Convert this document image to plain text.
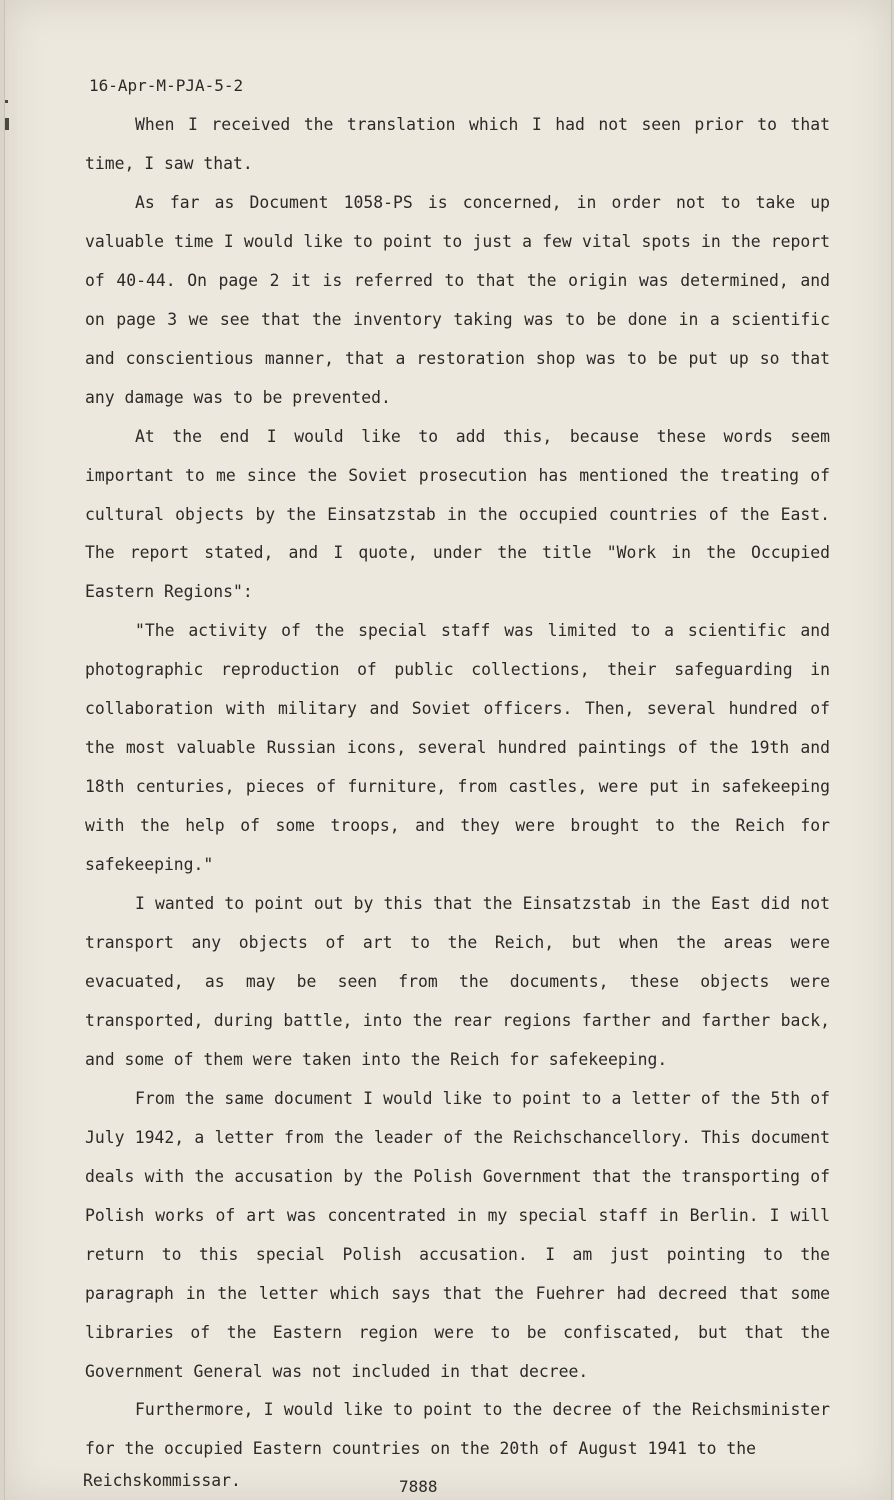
16-Apr-M-PJA-5-2

When I received the translation which I had not seen prior to that time, I saw that.

As far as Document 1058-PS is concerned, in order not to take up valuable time I would like to point to just a few vital spots in the report of 40-44. On page 2 it is referred to that the origin was determined, and on page 3 we see that the inventory taking was to be done in a scientific and conscientious manner, that a restoration shop was to be put up so that any damage was to be prevented.

At the end I would like to add this, because these words seem important to me since the Soviet prosecution has mentioned the treating of cultural objects by the Einsatzstab in the occupied countries of the East. The report stated, and I quote, under the title "Work in the Occupied Eastern Regions":

"The activity of the special staff was limited to a scientific and photographic reproduction of public collections, their safeguarding in collaboration with military and Soviet officers. Then, several hundred of the most valuable Russian icons, several hundred paintings of the 19th and 18th centuries, pieces of furniture, from castles, were put in safekeeping with the help of some troops, and they were brought to the Reich for safekeeping."

I wanted to point out by this that the Einsatzstab in the East did not transport any objects of art to the Reich, but when the areas were evacuated, as may be seen from the documents, these objects were transported, during battle, into the rear regions farther and farther back, and some of them were taken into the Reich for safekeeping.

From the same document I would like to point to a letter of the 5th of July 1942, a letter from the leader of the Reichschancellory. This document deals with the accusation by the Polish Government that the transporting of Polish works of art was concentrated in my special staff in Berlin. I will return to this special Polish accusation. I am just pointing to the paragraph in the letter which says that the Fuehrer had decreed that some libraries of the Eastern region were to be confiscated, but that the Government General was not included in that decree.

Furthermore, I would like to point to the decree of the Reichsminister for the occupied Eastern countries on the 20th of August 1941 to the

Reichskommissar.	7888
